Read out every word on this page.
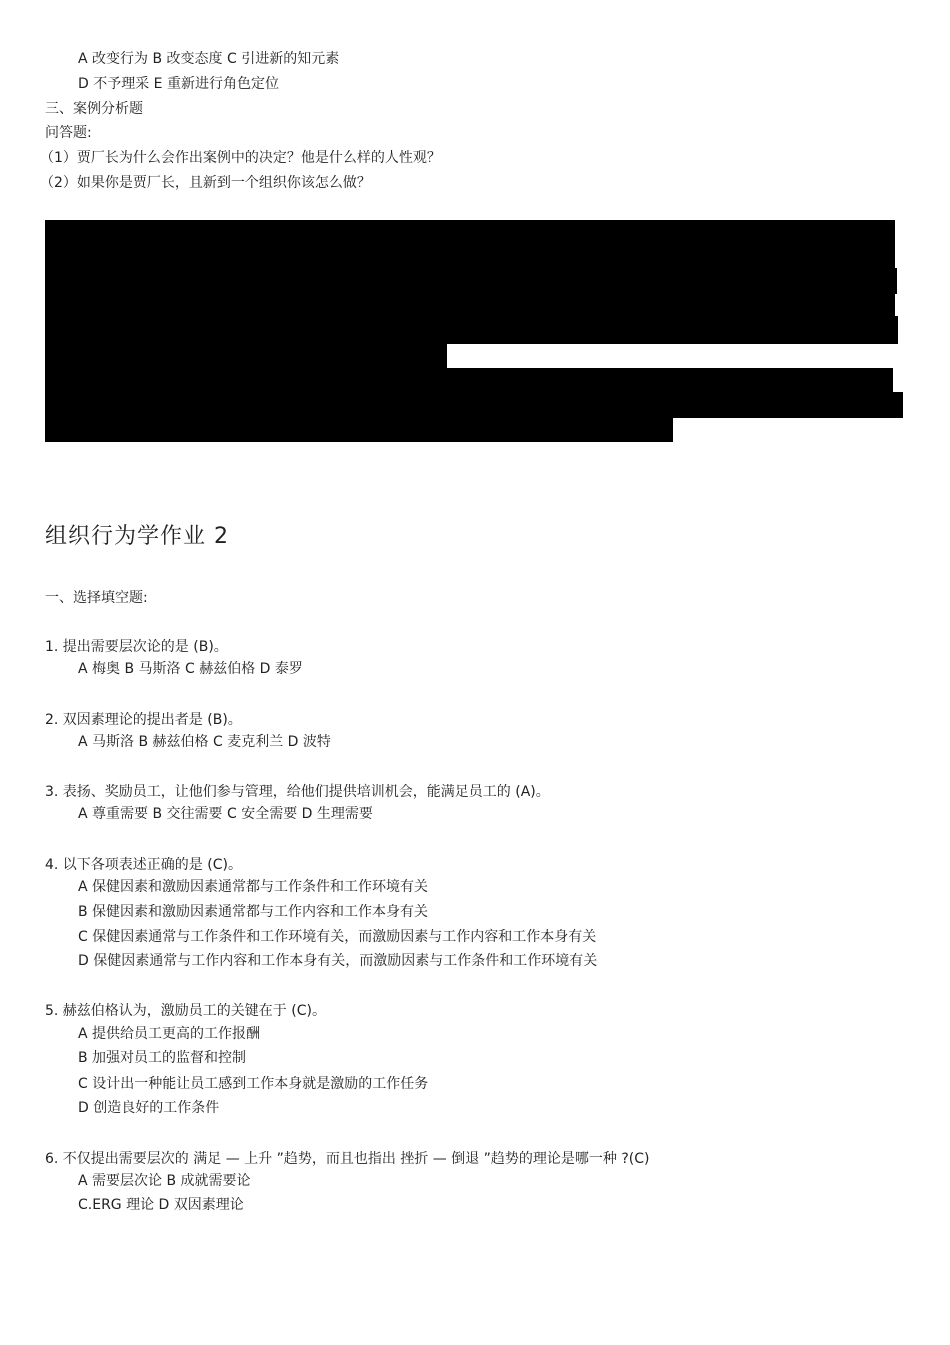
A 改变行为 B 改变态度 C 引进新的知元素
D 不予理采 E 重新进行角色定位
三、案例分析题
问答题:
（1）贾厂长为什么会作出案例中的决定？他是什么样的人性观？
（2）如果你是贾厂长，且新到一个组织你该怎么做？
组织行为学作业 2
一、选择填空题:
1. 提出需要层次论的是 (B)。
A 梅奥 B 马斯洛 C 赫兹伯格 D 泰罗
2. 双因素理论的提出者是 (B)。
A 马斯洛 B 赫兹伯格 C 麦克利兰 D 波特
3. 表扬、奖励员工，让他们参与管理，给他们提供培训机会，能满足员工的 (A)。
A 尊重需要 B 交往需要 C 安全需要 D 生理需要
4. 以下各项表述正确的是 (C)。
A 保健因素和激励因素通常都与工作条件和工作环境有关
B 保健因素和激励因素通常都与工作内容和工作本身有关
C 保健因素通常与工作条件和工作环境有关，而激励因素与工作内容和工作本身有关
D 保健因素通常与工作内容和工作本身有关，而激励因素与工作条件和工作环境有关
5. 赫兹伯格认为，激励员工的关键在于 (C)。
A 提供给员工更高的工作报酬
B 加强对员工的监督和控制
C 设计出一种能让员工感到工作本身就是激励的工作任务
D 创造良好的工作条件
6. 不仅提出需要层次的 满足 — 上升 ”趋势，而且也指出 挫折 — 倒退 ”趋势的理论是哪一种 ?(C)
A 需要层次论 B 成就需要论
C.ERG 理论 D 双因素理论
